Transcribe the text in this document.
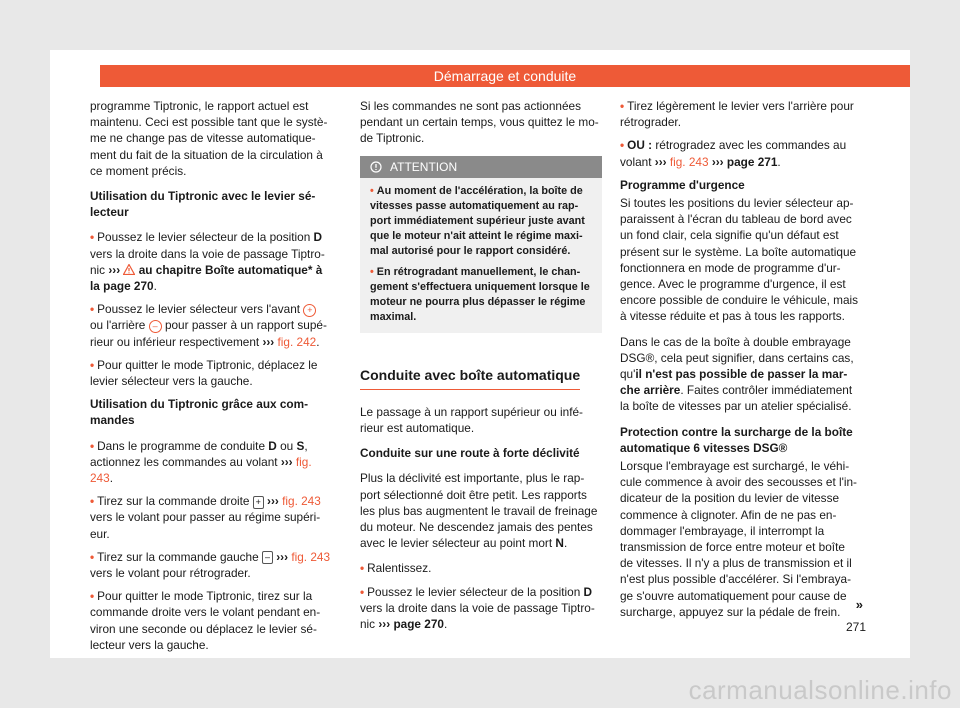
Démarrage et conduite

programme Tiptronic, le rapport actuel est maintenu. Ceci est possible tant que le systè-me ne change pas de vitesse automatique-ment du fait de la situation de la circulation à ce moment précis.

Utilisation du Tiptronic avec le levier sé-lecteur

• Poussez le levier sélecteur de la position D vers la droite dans la voie de passage Tiptro-nic ››› au chapitre Boîte automatique* à la page 270.

• Poussez le levier sélecteur vers l'avant + ou l'arrière – pour passer à un rapport supé-rieur ou inférieur respectivement ››› fig. 242.

• Pour quitter le mode Tiptronic, déplacez le levier sélecteur vers la gauche.

Utilisation du Tiptronic grâce aux com-mandes

• Dans le programme de conduite D ou S, actionnez les commandes au volant ››› fig. 243.

• Tirez sur la commande droite + ››› fig. 243 vers le volant pour passer au régime supéri-eur.

• Tirez sur la commande gauche – ››› fig. 243 vers le volant pour rétrograder.

• Pour quitter le mode Tiptronic, tirez sur la commande droite vers le volant pendant en-viron une seconde ou déplacez le levier sé-lecteur vers la gauche.

Si les commandes ne sont pas actionnées pendant un certain temps, vous quittez le mo-de Tiptronic.

ATTENTION
• Au moment de l'accélération, la boîte de vitesses passe automatiquement au rap-port immédiatement supérieur juste avant que le moteur n'ait atteint le régime maxi-mal autorisé pour le rapport considéré.
• En rétrogradant manuellement, le chan-gement s'effectuera uniquement lorsque le moteur ne pourra plus dépasser le régime maximal.
Conduite avec boîte automatique

Le passage à un rapport supérieur ou infé-rieur est automatique.

Conduite sur une route à forte déclivité

Plus la déclivité est importante, plus le rap-port sélectionné doit être petit. Les rapports les plus bas augmentent le travail de freinage du moteur. Ne descendez jamais des pentes avec le levier sélecteur au point mort N.

• Ralentissez.

• Poussez le levier sélecteur de la position D vers la droite dans la voie de passage Tiptro-nic ››› page 270.

• Tirez légèrement le levier vers l'arrière pour rétrograder.

• OU : rétrogradez avec les commandes au volant ››› fig. 243 ››› page 271.

Programme d'urgence

Si toutes les positions du levier sélecteur ap-paraissent à l'écran du tableau de bord avec un fond clair, cela signifie qu'un défaut est présent sur le système. La boîte automatique fonctionnera en mode de programme d'ur-gence. Avec le programme d'urgence, il est encore possible de conduire le véhicule, mais à vitesse réduite et pas à tous les rapports.

Dans le cas de la boîte à double embrayage DSG®, cela peut signifier, dans certains cas, qu'il n'est pas possible de passer la mar-che arrière. Faites contrôler immédiatement la boîte de vitesses par un atelier spécialisé.

Protection contre la surcharge de la boîte automatique 6 vitesses DSG®

Lorsque l'embrayage est surchargé, le véhi-cule commence à avoir des secousses et l'in-dicateur de la position du levier de vitesse commence à clignoter. Afin de ne pas en-dommager l'embrayage, il interrompt la transmission de force entre moteur et boîte de vitesses. Il n'y a plus de transmission et il n'est plus possible d'accélérer. Si l'embraya-ge s'ouvre automatiquement pour cause de surcharge, appuyez sur la pédale de frein.	»
271
carmanualsonline.info
